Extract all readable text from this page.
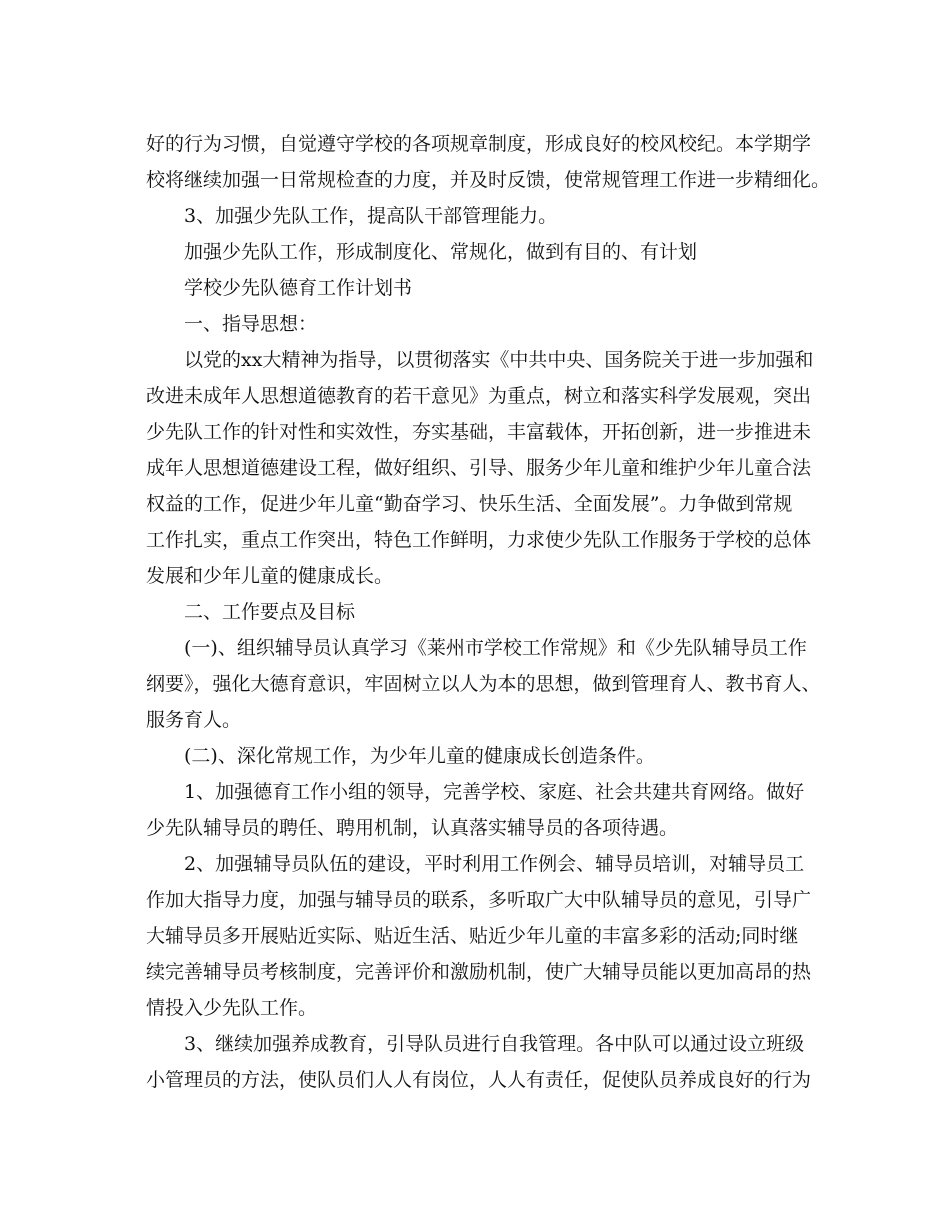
好的行为习惯，自觉遵守学校的各项规章制度，形成良好的校风校纪。本学期学
校将继续加强一日常规检查的力度，并及时反馈，使常规管理工作进一步精细化。
3、加强少先队工作，提高队干部管理能力。
加强少先队工作，形成制度化、常规化，做到有目的、有计划
学校少先队德育工作计划书
一、指导思想：
以党的xx大精神为指导，以贯彻落实《中共中央、国务院关于进一步加强和
改进未成年人思想道德教育的若干意见》为重点，树立和落实科学发展观，突出
少先队工作的针对性和实效性，夯实基础，丰富载体，开拓创新，进一步推进未
成年人思想道德建设工程，做好组织、引导、服务少年儿童和维护少年儿童合法
权益的工作，促进少年儿童“勤奋学习、快乐生活、全面发展”。力争做到常规
工作扎实，重点工作突出，特色工作鲜明，力求使少先队工作服务于学校的总体
发展和少年儿童的健康成长。
二、工作要点及目标
(一)、组织辅导员认真学习《莱州市学校工作常规》和《少先队辅导员工作
纲要》，强化大德育意识，牢固树立以人为本的思想，做到管理育人、教书育人、
服务育人。
(二)、深化常规工作，为少年儿童的健康成长创造条件。
1、加强德育工作小组的领导，完善学校、家庭、社会共建共育网络。做好
少先队辅导员的聘任、聘用机制，认真落实辅导员的各项待遇。
2、加强辅导员队伍的建设，平时利用工作例会、辅导员培训，对辅导员工
作加大指导力度，加强与辅导员的联系，多听取广大中队辅导员的意见，引导广
大辅导员多开展贴近实际、贴近生活、贴近少年儿童的丰富多彩的活动;同时继
续完善辅导员考核制度，完善评价和激励机制，使广大辅导员能以更加高昂的热
情投入少先队工作。
3、继续加强养成教育，引导队员进行自我管理。各中队可以通过设立班级
小管理员的方法，使队员们人人有岗位，人人有责任，促使队员养成良好的行为
